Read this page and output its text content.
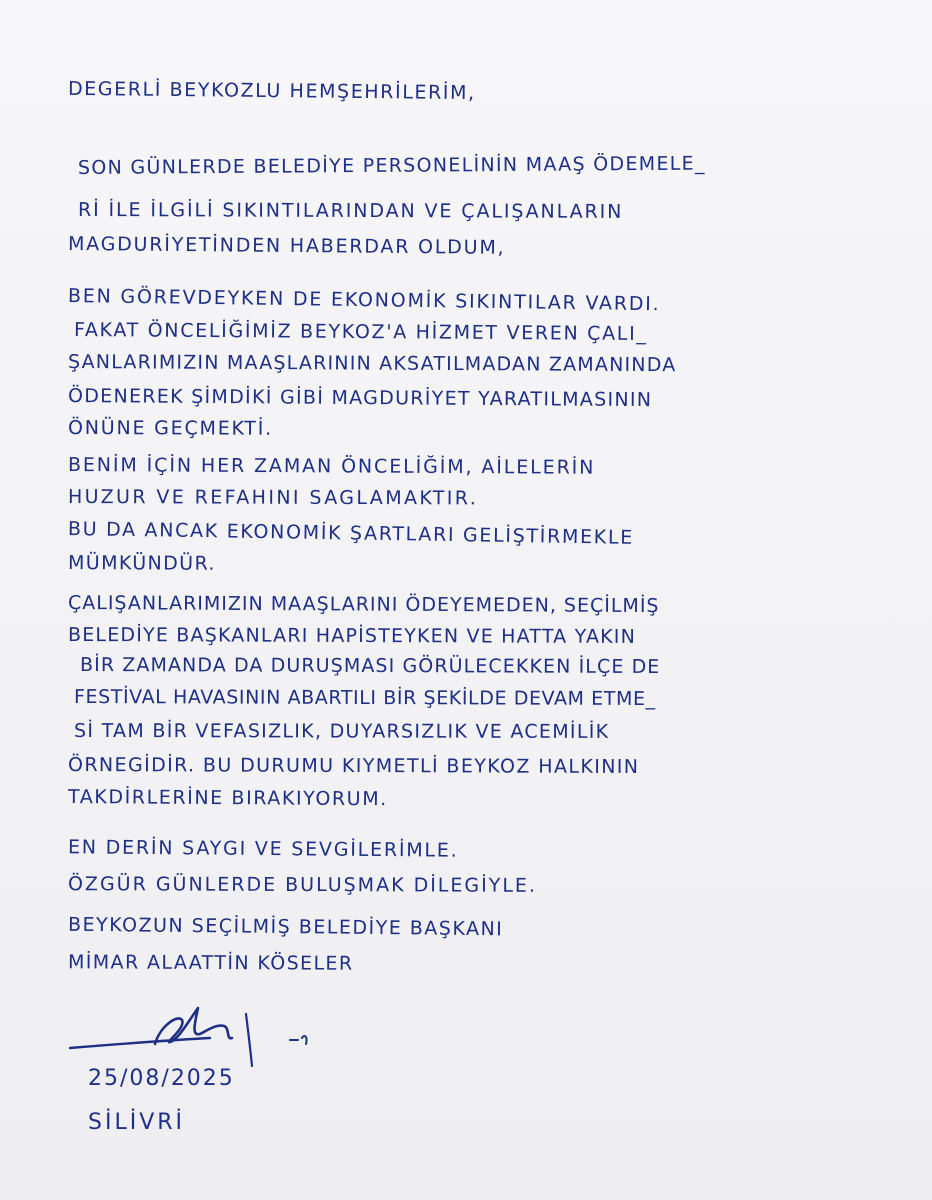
DEGERLİ BEYKOZLU HEMŞEHRİLERİM,

SON GÜNLERDE BELEDİYE PERSONELİNİN MAAŞ ÖDEMELE_

Rİ İLE İLGİLİ SIKINTILARINDAN VE ÇALIŞANLARIN

MAGDURİYETİNDEN HABERDAR OLDUM,

BEN GÖREVDEYKEN DE EKONOMİK SIKINTILAR VARDI.

FAKAT ÖNCELİĞİMİZ BEYKOZ'A HİZMET VEREN ÇALI_

ŞANLARIMIZIN MAAŞLARININ AKSATILMADAN ZAMANINDA

ÖDENEREK ŞİMDİKİ GİBİ MAGDURİYET YARATILMASININ

ÖNÜNE GEÇMEKTİ.

BENİM İÇİN HER ZAMAN ÖNCELİĞİM, AİLELERİN

HUZUR VE REFAHINI SAGLAMAKTIR.

BU DA ANCAK EKONOMİK ŞARTLARI GELİŞTİRMEKLE

MÜMKÜNDÜR.

ÇALIŞANLARIMIZIN MAAŞLARINI ÖDEYEMEDEN, SEÇİLMİŞ

BELEDİYE BAŞKANLARI HAPİSTEYKEN VE HATTA YAKIN

BİR ZAMANDA DA DURUŞMASI GÖRÜLECEKKEN İLÇE DE

FESTİVAL HAVASININ ABARTILI BİR ŞEKİLDE DEVAM ETME_

Sİ TAM BİR VEFASIZLIK, DUYARSIZLIK VE ACEMİLİK

ÖRNEGİDİR. BU DURUMU KIYMETLİ BEYKOZ HALKININ

TAKDİRLERİNE BIRAKIYORUM.

EN DERİN SAYGI VE SEVGİLERİMLE.

ÖZGÜR GÜNLERDE BULUŞMAK DİLEGİYLE.

BEYKOZUN SEÇİLMİŞ BELEDİYE BAŞKANI

MİMAR ALAATTİN KÖSELER

25/08/2025
SİLİVRİ
